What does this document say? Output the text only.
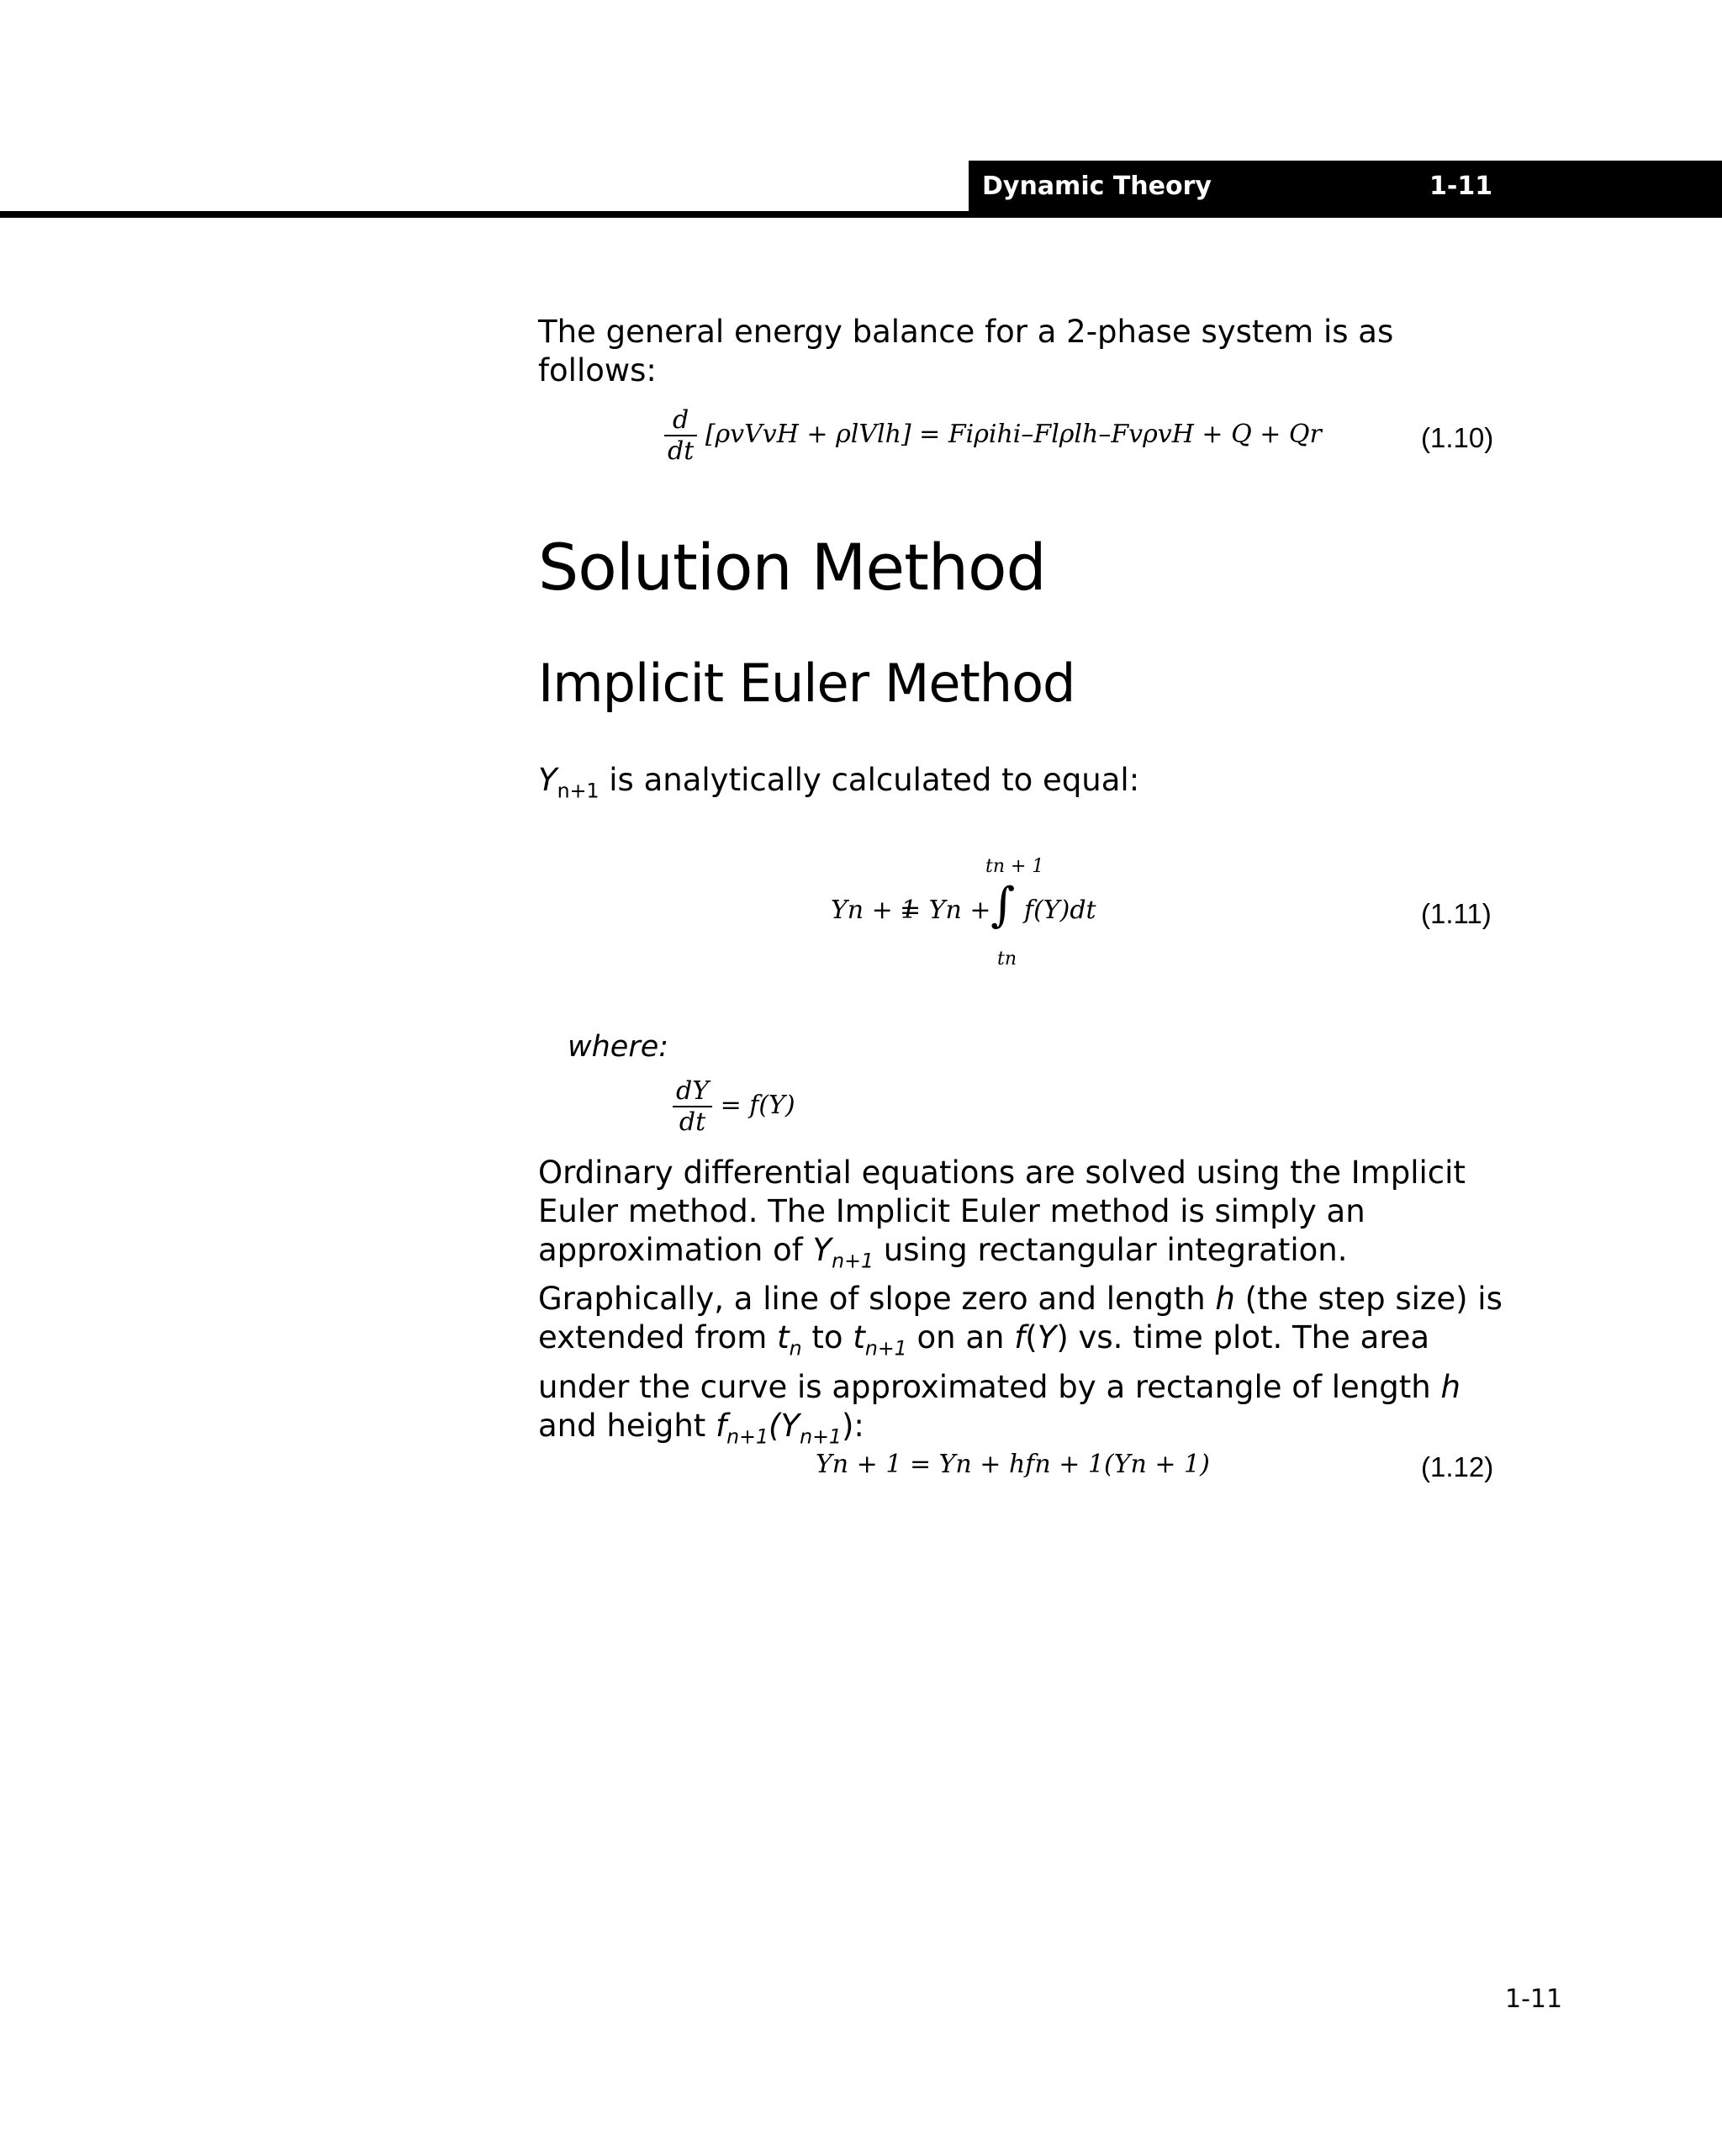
Dynamic Theory	1-11
The general energy balance for a 2-phase system is as follows:
$\frac{d}{dt}$ [ρvVvH + ρlVlh] = Fiρihi–Flρlh–FvρvH + Q + Qr	(1.10)
Solution Method
Implicit Euler Method
$Y_{n+1}$ is analytically calculated to equal:
tn + 1
Yn + 1
= Yn + ∫ f(Y)dt
tn
(1.11)
where:
$\frac{dY}{dt} = f(Y)$
Ordinary differential equations are solved using the Implicit Euler method. The Implicit Euler method is simply an approximation of $Y_{n+1}$ using rectangular integration. Graphically, a line of slope zero and length h (the step size) is extended from $t_n$ to $t_{n+1}$ on an f(Y) vs. time plot. The area under the curve is approximated by a rectangle of length h and height $f_{n+1}(Y_{n+1})$:
Yn + 1 = Yn + hfn + 1(Yn + 1)	(1.12)
1-11
